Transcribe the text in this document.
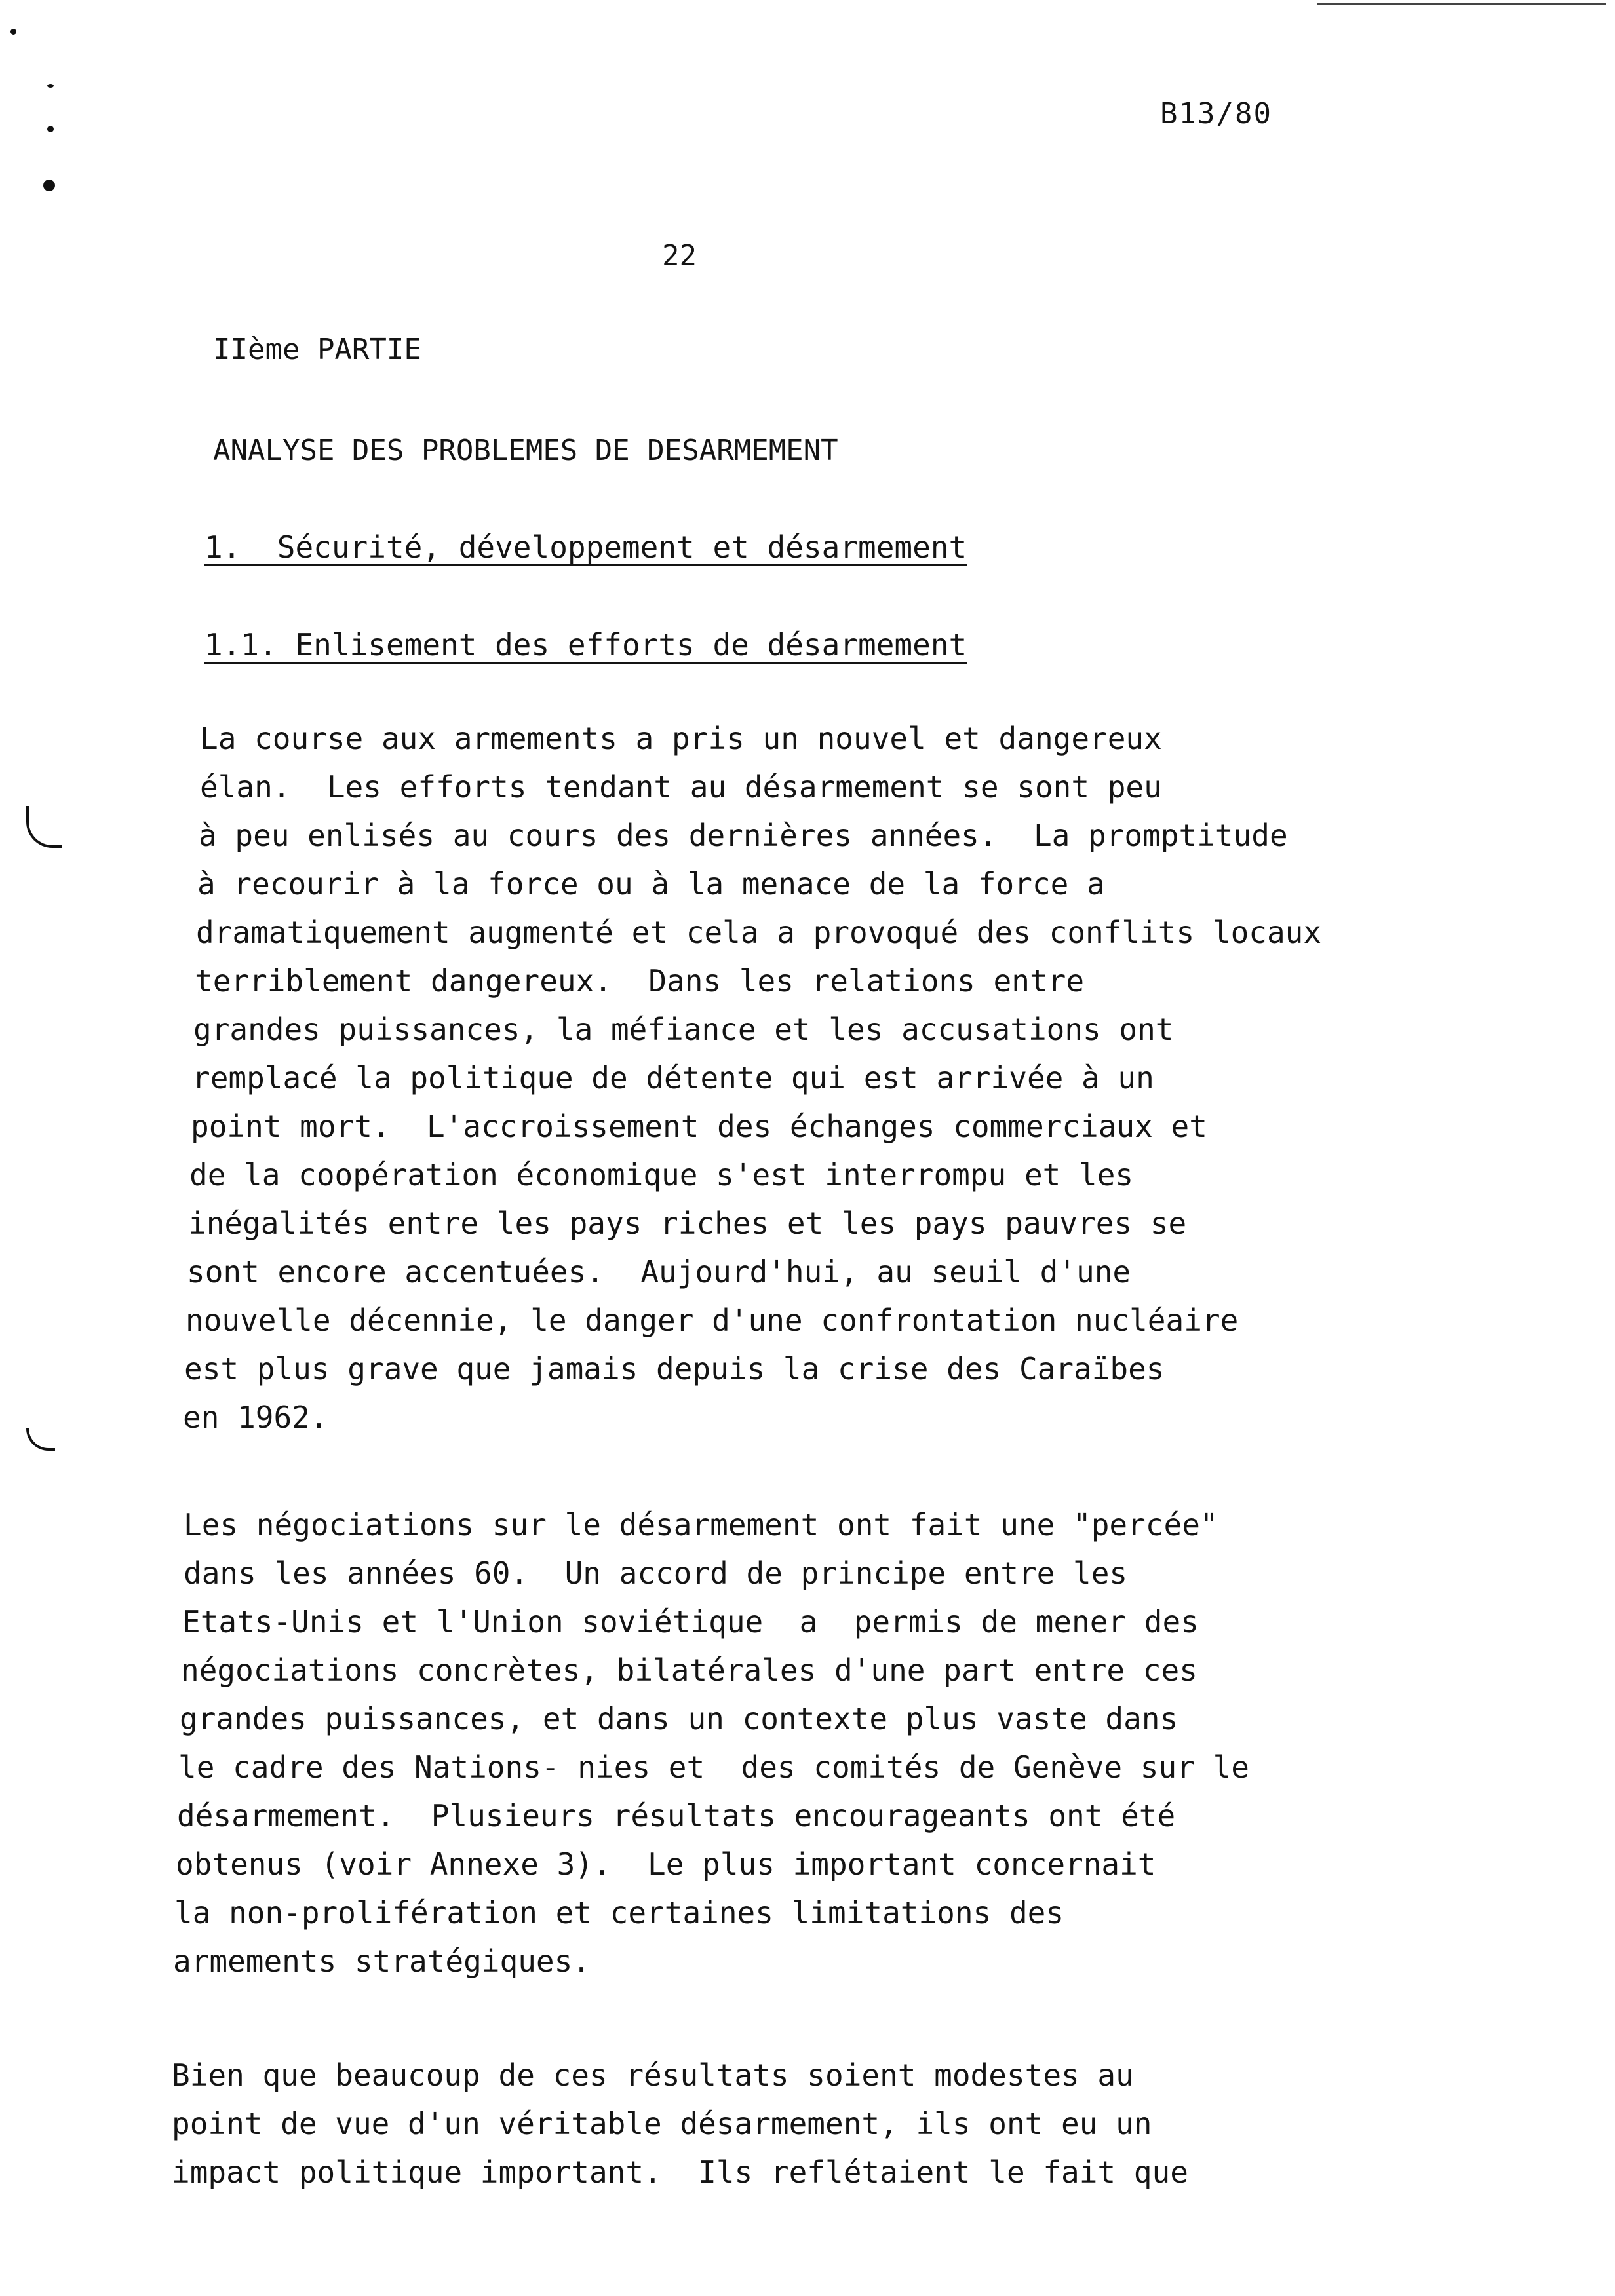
B13/80
22
IIème PARTIE
ANALYSE DES PROBLEMES DE DESARMEMENT
1.  Sécurité, développement et désarmement
1.1. Enlisement des efforts de désarmement
La course aux armements a pris un nouvel et dangereux
élan.  Les efforts tendant au désarmement se sont peu
à peu enlisés au cours des dernières années.  La promptitude
à recourir à la force ou à la menace de la force a
dramatiquement augmenté et cela a provoqué des conflits locaux
terriblement dangereux.  Dans les relations entre
grandes puissances, la méfiance et les accusations ont
remplacé la politique de détente qui est arrivée à un
point mort.  L'accroissement des échanges commerciaux et
de la coopération économique s'est interrompu et les
inégalités entre les pays riches et les pays pauvres se
sont encore accentuées.  Aujourd'hui, au seuil d'une
nouvelle décennie, le danger d'une confrontation nucléaire
est plus grave que jamais depuis la crise des Caraïbes
en 1962.
Les négociations sur le désarmement ont fait une "percée"
dans les années 60.  Un accord de principe entre les
Etats-Unis et l'Union soviétique  a  permis de mener des
négociations concrètes, bilatérales d'une part entre ces
grandes puissances, et dans un contexte plus vaste dans
le cadre des Nations- nies et  des comités de Genève sur le
désarmement.  Plusieurs résultats encourageants ont été
obtenus (voir Annexe 3).  Le plus important concernait
la non-prolifération et certaines limitations des
armements stratégiques.
Bien que beaucoup de ces résultats soient modestes au
point de vue d'un véritable désarmement, ils ont eu un
impact politique important.  Ils reflétaient le fait que
